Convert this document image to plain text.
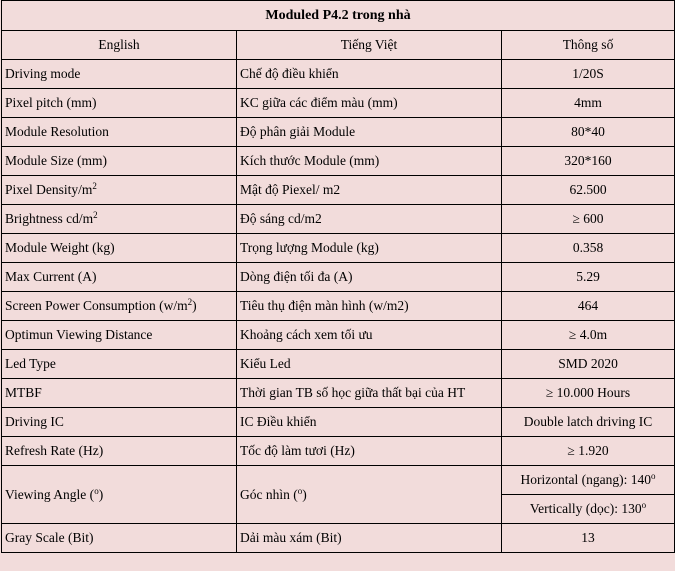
Moduled P4.2 trong nhà		
English	Tiếng Việt	Thông số
Driving mode	Chế độ điều khiển	1/20S
Pixel pitch (mm)	KC giữa các điểm màu (mm)	4mm
Module Resolution	Độ phân giải Module	80*40
Module Size (mm)	Kích thước Module (mm)	320*160
Pixel Density/$m^2$	Mật độ Piexel/ m2	62.500
Brightness $cd/m^2$	Độ sáng cd/m2	≥ 600
Module Weight (kg)	Trọng lượng Module (kg)	0.358
Max Current (A)	Dòng điện tối đa (A)	5.29
Screen Power Consumption $(w/m^2)$	Tiêu thụ điện màn hình (w/m2)	464
Optimun Viewing Distance	Khoảng cách xem tối ưu	≥ 4.0m
Led Type	Kiểu Led	SMD 2020
MTBF	Thời gian TB số học giữa thất bại của HT	≥ 10.000 Hours
Driving IC	IC Điều khiển	Double latch driving IC
Refresh Rate (Hz)	Tốc độ làm tươi (Hz)	≥ 1.920
Viewing Angle ($^o$)	Góc nhìn ($^o$)	Horizontal (ngang): 140$^o$
		Vertically (dọc): 130$^o$
Gray Scale (Bit)	Dải màu xám (Bit)	13
